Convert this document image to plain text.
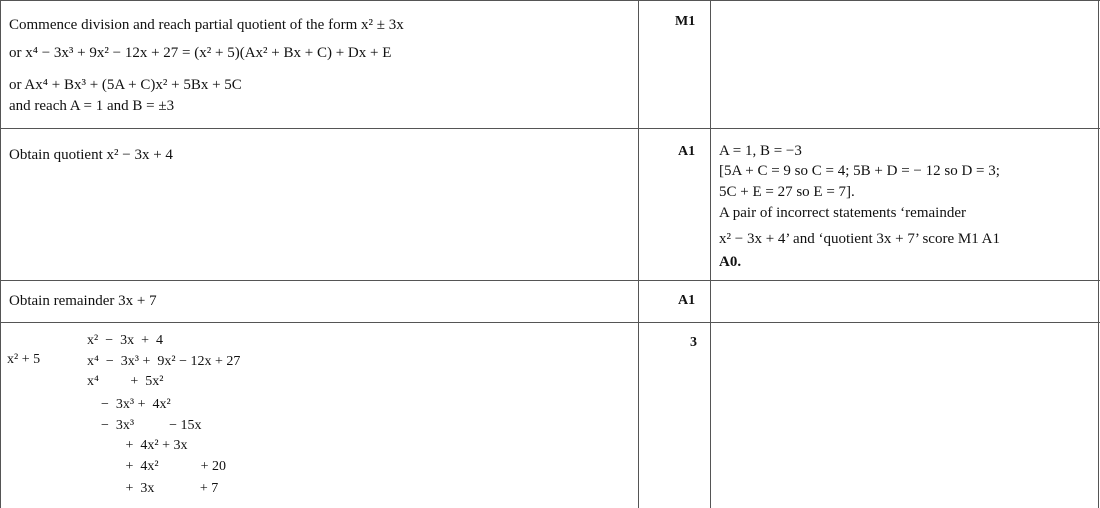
Commence division and reach partial quotient of the form x² ± 3x
or x⁴ − 3x³ + 9x² − 12x + 27 = (x² + 5)(Ax² + Bx + C) + Dx + E
or Ax⁴ + Bx³ + (5A + C)x² + 5Bx + 5C
and reach A = 1 and B = ±3
M1
Obtain quotient x² − 3x + 4	A1 A = 1, B = −3
[5A + C = 9 so C = 4; 5B + D = − 12 so D = 3;
5C + E = 27 so E = 7].
A pair of incorrect statements ‘remainder
x² − 3x + 4’ and ‘quotient 3x + 7’ score M1 A1
A0.
Obtain remainder 3x + 7	A1
3
x² + 5
x²  −  3x  +  4
x⁴  −  3x³ +  9x² − 12x + 27
x⁴         +  5x²
−  3x³ +  4x²
−  3x³          − 15x
+  4x² + 3x
+  4x²            + 20
+  3x             + 7
